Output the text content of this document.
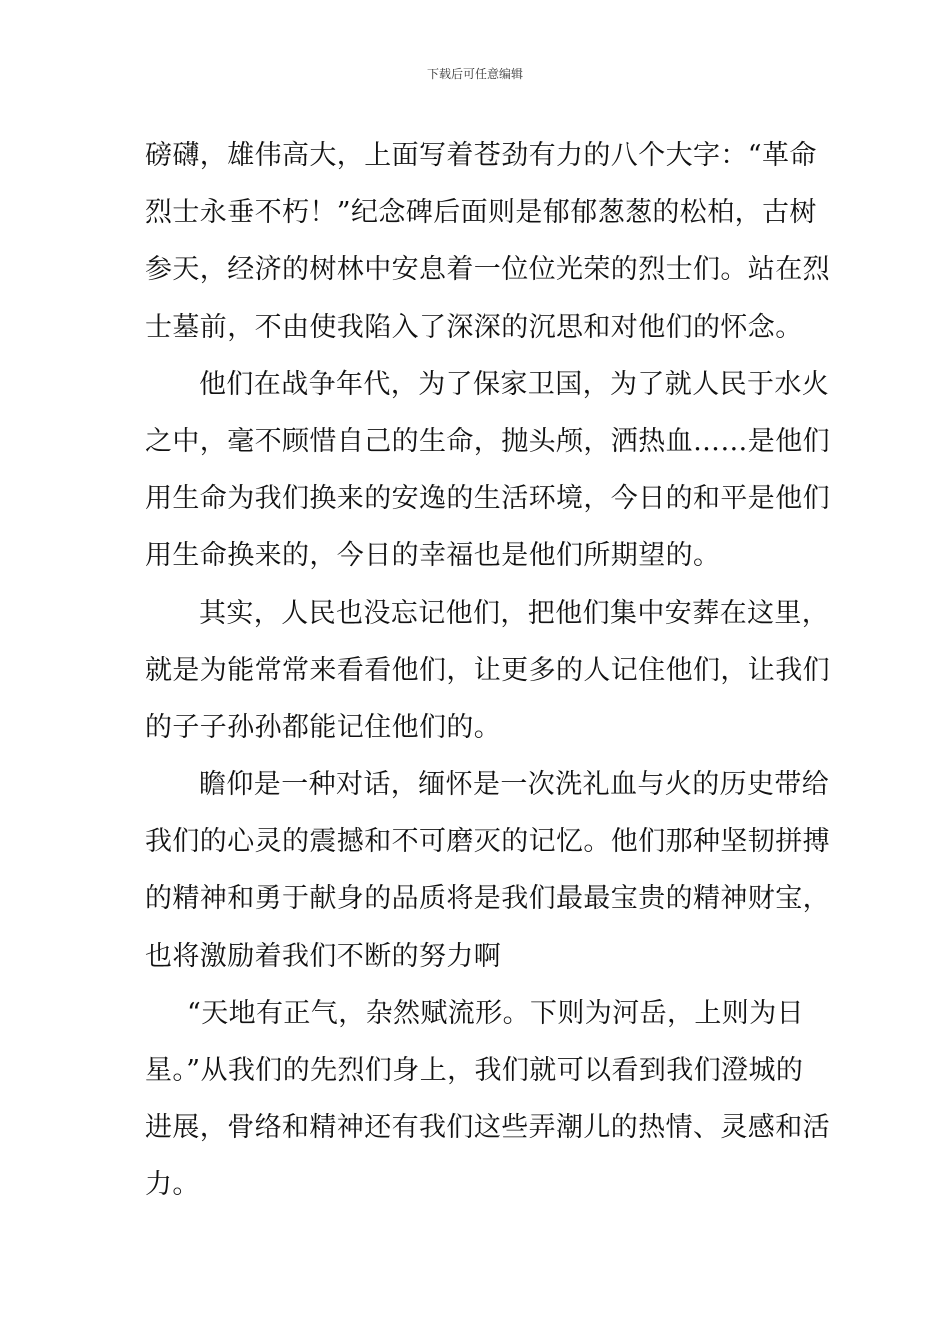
下载后可任意编辑
磅礴，雄伟高大，上面写着苍劲有力的八个大字：“革命
烈士永垂不朽！”纪念碑后面则是郁郁葱葱的松柏，古树
参天，经济的树林中安息着一位位光荣的烈士们。站在烈
士墓前，不由使我陷入了深深的沉思和对他们的怀念。
他们在战争年代，为了保家卫国，为了就人民于水火
之中，毫不顾惜自己的生命，抛头颅，洒热血……是他们
用生命为我们换来的安逸的生活环境，今日的和平是他们
用生命换来的，今日的幸福也是他们所期望的。
其实，人民也没忘记他们，把他们集中安葬在这里，
就是为能常常来看看他们，让更多的人记住他们，让我们
的子子孙孙都能记住他们的。
瞻仰是一种对话，缅怀是一次洗礼血与火的历史带给
我们的心灵的震撼和不可磨灭的记忆。他们那种坚韧拼搏
的精神和勇于献身的品质将是我们最最宝贵的精神财宝，
也将激励着我们不断的努力啊
“天地有正气，杂然赋流形。下则为河岳，上则为日
星。”从我们的先烈们身上，我们就可以看到我们澄城的
进展，骨络和精神还有我们这些弄潮儿的热情、灵感和活
力。
